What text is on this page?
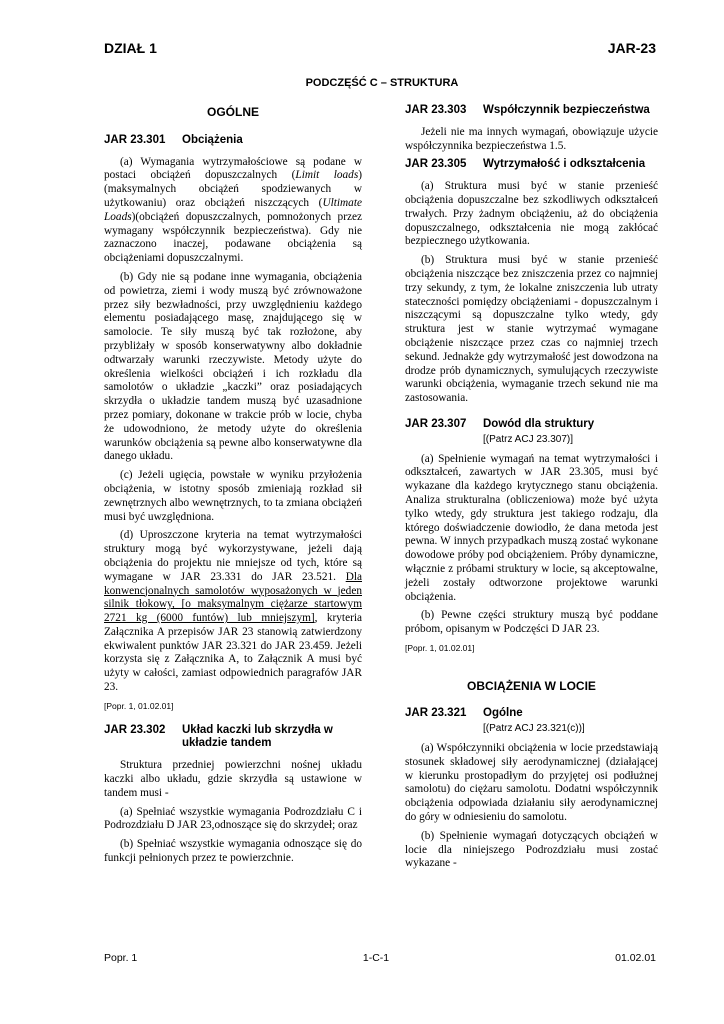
DZIAŁ 1	JAR-23
PODCZĘŚĆ C – STRUKTURA
OGÓLNE
JAR 23.301	Obciążenia

(a) Wymagania wytrzymałościowe są podane w postaci obciążeń dopuszczalnych (Limit loads) (maksymalnych obciążeń spodziewanych w użytkowaniu) oraz obciążeń niszczących (Ultimate Loads)(obciążeń dopuszczalnych, pomnożonych przez wymagany współczynnik bezpieczeństwa). Gdy nie zaznaczono inaczej, podawane obciążenia są obciążeniami dopuszczalnymi.

(b) Gdy nie są podane inne wymagania, obciążenia od powietrza, ziemi i wody muszą być zrównoważone przez siły bezwładności, przy uwzględnieniu każdego elementu posiadającego masę, znajdującego się w samolocie. Te siły muszą być tak rozłożone, aby przybliżały w sposób konserwatywny albo dokładnie odtwarzały warunki rzeczywiste. Metody użyte do określenia wielkości obciążeń i ich rozkładu dla samolotów o układzie „kaczki” oraz posiadających skrzydła o układzie tandem muszą być uzasadnione przez pomiary, dokonane w trakcie prób w locie, chyba że udowodniono, że metody użyte do określenia warunków obciążenia są pewne albo konserwatywne dla danego układu.

(c) Jeżeli ugięcia, powstałe w wyniku przyłożenia obciążenia, w istotny sposób zmieniają rozkład sił zewnętrznych albo wewnętrznych, to ta zmiana obciążeń musi być uwzględniona.

(d) Uproszczone kryteria na temat wytrzymałości struktury mogą być wykorzystywane, jeżeli dają obciążenia do projektu nie mniejsze od tych, które są wymagane w JAR 23.331 do JAR 23.521. Dla konwencjonalnych samolotów wyposażonych w jeden silnik tłokowy, [o maksymalnym ciężarze startowym 2721 kg (6000 funtów) lub mniejszym], kryteria Załącznika A przepisów JAR 23 stanowią zatwierdzony ekwiwalent punktów JAR 23.321 do JAR 23.459. Jeżeli korzysta się z Załącznika A, to Załącznik A musi być użyty w całości, zamiast odpowiednich paragrafów JAR 23.

[Popr. 1, 01.02.01]
JAR 23.302	Układ kaczki lub skrzydła w układzie tandem

Struktura przedniej powierzchni nośnej układu kaczki albo układu, gdzie skrzydła są ustawione w tandem musi -

(a) Spełniać wszystkie wymagania Podrozdziału C i Podrozdziału D JAR 23,odnoszące się do skrzydeł; oraz

(b) Spełniać wszystkie wymagania odnoszące się do funkcji pełnionych przez te powierzchnie.

JAR 23.303	Współczynnik bezpieczeństwa

Jeżeli nie ma innych wymagań, obowiązuje użycie współczynnika bezpieczeństwa 1.5.

JAR 23.305	Wytrzymałość i odkształcenia

(a) Struktura musi być w stanie przenieść obciążenia dopuszczalne bez szkodliwych odkształceń trwałych. Przy żadnym obciążeniu, aż do obciążenia dopuszczalnego, odkształcenia nie mogą zakłócać bezpiecznego użytkowania.

(b) Struktura musi być w stanie przenieść obciążenia niszczące bez zniszczenia przez co najmniej trzy sekundy, z tym, że lokalne zniszczenia lub utraty stateczności pomiędzy obciążeniami - dopuszczalnym i niszczącymi są dopuszczalne tylko wtedy, gdy struktura jest w stanie wytrzymać wymagane obciążenie niszczące przez czas co najmniej trzech sekund. Jednakże gdy wytrzymałość jest dowodzona na drodze prób dynamicznych, symulujących rzeczywiste warunki obciążenia, wymaganie trzech sekund nie ma zastosowania.

JAR 23.307	Dowód dla struktury
[(Patrz ACJ 23.307)]

(a) Spełnienie wymagań na temat wytrzymałości i odkształceń, zawartych w JAR 23.305, musi być wykazane dla każdego krytycznego stanu obciążenia. Analiza strukturalna (obliczeniowa) może być użyta tylko wtedy, gdy struktura jest takiego rodzaju, dla którego doświadczenie dowiodło, że dana metoda jest pewna. W innych przypadkach muszą zostać wykonane dowodowe próby pod obciążeniem. Próby dynamiczne, włącznie z próbami struktury w locie, są akceptowalne, jeżeli zostały odtworzone projektowe warunki obciążenia.

(b) Pewne części struktury muszą być poddane próbom, opisanym w Podczęści D JAR 23.

[Popr. 1, 01.02.01]
OBCIĄŻENIA W LOCIE
JAR 23.321	Ogólne
[(Patrz ACJ 23.321(c))]

(a) Współczynniki obciążenia w locie przedstawiają stosunek składowej siły aerodynamicznej (działającej w kierunku prostopadłym do przyjętej osi podłużnej samolotu) do ciężaru samolotu. Dodatni współczynnik obciążenia odpowiada działaniu siły aerodynamicznej do góry w odniesieniu do samolotu.

(b) Spełnienie wymagań dotyczących obciążeń w locie dla niniejszego Podrozdziału musi zostać wykazane -

Popr. 1	1-C-1	01.02.01
